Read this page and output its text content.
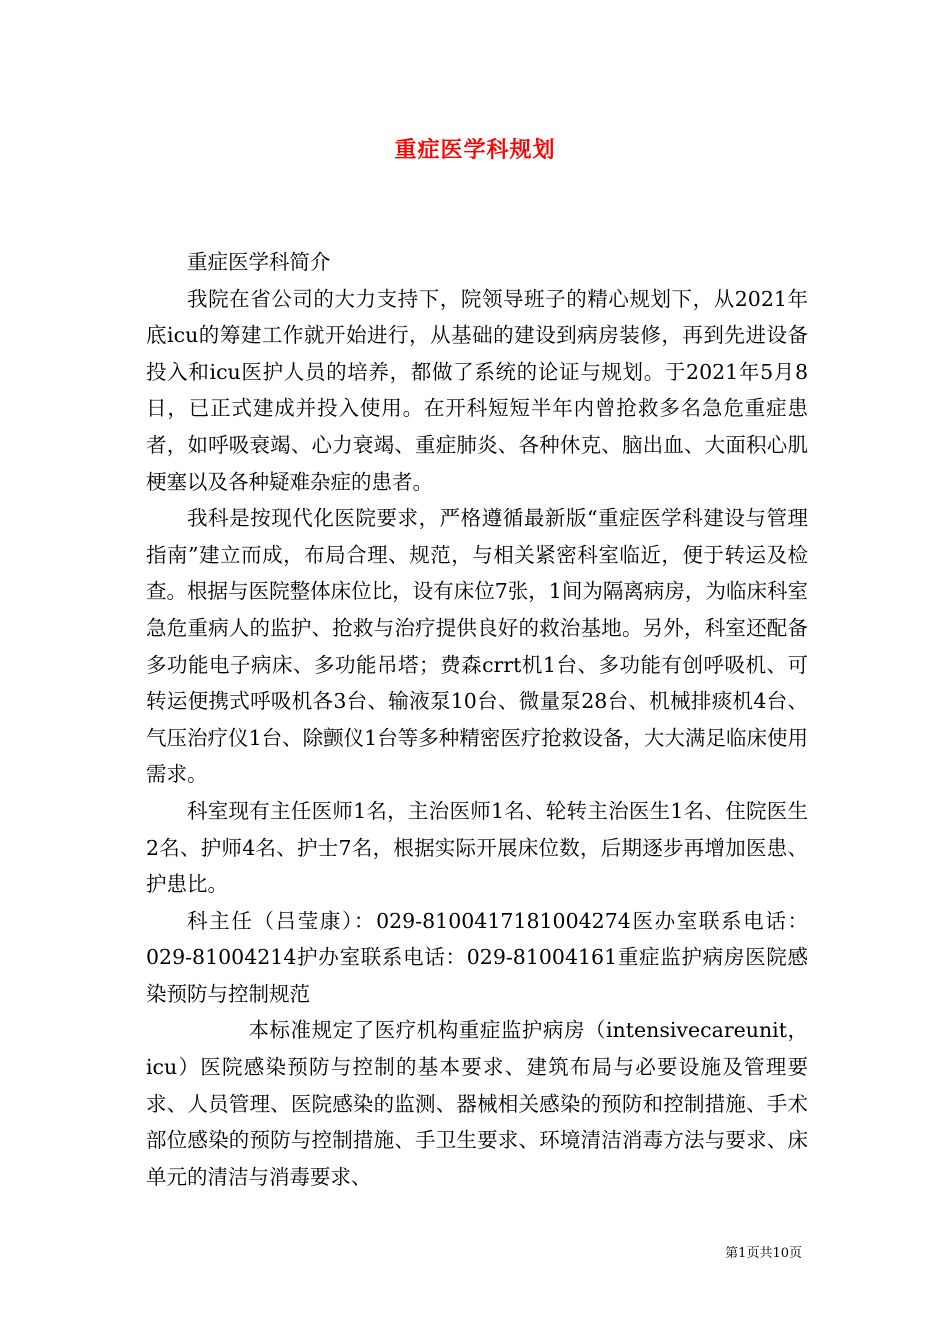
重症医学科规划

重症医学科简介

我院在省公司的大力支持下，院领导班子的精心规划下，从2021年底icu的筹建工作就开始进行，从基础的建设到病房装修，再到先进设备投入和icu医护人员的培养，都做了系统的论证与规划。于2021年5月8日，已正式建成并投入使用。在开科短短半年内曾抢救多名急危重症患者，如呼吸衰竭、心力衰竭、重症肺炎、各种休克、脑出血、大面积心肌梗塞以及各种疑难杂症的患者。

我科是按现代化医院要求，严格遵循最新版“重症医学科建设与管理指南”建立而成，布局合理、规范，与相关紧密科室临近，便于转运及检查。根据与医院整体床位比，设有床位7张，1间为隔离病房，为临床科室急危重病人的监护、抢救与治疗提供良好的救治基地。另外，科室还配备多功能电子病床、多功能吊塔；费森crrt机1台、多功能有创呼吸机、可转运便携式呼吸机各3台、输液泵10台、微量泵28台、机械排痰机4台、气压治疗仪1台、除颤仪1台等多种精密医疗抢救设备，大大满足临床使用需求。

科室现有主任医师1名，主治医师1名、轮转主治医生1名、住院医生2名、护师4名、护士7名，根据实际开展床位数，后期逐步再增加医患、护患比。

科主任（吕莹康）：029-8100417181004274医办室联系电话：029-81004214护办室联系电话：029-81004161重症监护病房医院感染预防与控制规范

本标准规定了医疗机构重症监护病房（intensivecareunit，icu）医院感染预防与控制的基本要求、建筑布局与必要设施及管理要求、人员管理、医院感染的监测、器械相关感染的预防和控制措施、手术部位感染的预防与控制措施、手卫生要求、环境清洁消毒方法与要求、床单元的清洁与消毒要求、

第1页共10页
